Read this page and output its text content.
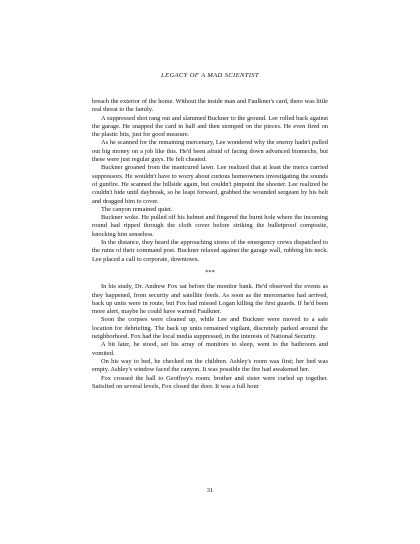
LEGACY OF A MAD SCIENTIST

breach the exterior of the home. Without the inside man and Faulkner's card, there was little real threat to the family.

A suppressed shot rang out and slammed Buckner to the ground. Lee rolled back against the garage. He snapped the card in half and then stomped on the pieces. He even fired on the plastic bits, just for good measure.

As he scanned for the remaining mercenary, Lee wondered why the enemy hadn't pulled out big money on a job like this. He'd been afraid of facing down advanced biomechs, but these were just regular guys. He felt cheated.

Buckner groaned from the manicured lawn. Lee realized that at least the mercs carried suppressors. He wouldn't have to worry about curious homeowners investigating the sounds of gunfire. He scanned the hillside again, but couldn't pinpoint the shooter. Lee realized he couldn't hide until daybreak, so he leapt forward, grabbed the wounded sergeant by his belt and dragged him to cover.

The canyon remained quiet.

Buckner woke. He pulled off his helmet and fingered the burnt hole where the incoming round had ripped through the cloth cover before striking the bulletproof composite, knocking him senseless.

In the distance, they heard the approaching sirens of the emergency crews dispatched to the ruins of their command post. Buckner relaxed against the garage wall, rubbing his neck. Lee placed a call to corporate, downtown.

***

In his study, Dr. Andrew Fox sat before the monitor bank. He'd observed the events as they happened, from security and satellite feeds. As soon as the mercenaries had arrived, back up units were in route, but Fox had missed Logan killing the first guards. If he'd been more alert, maybe he could have warned Faulkner.

Soon the corpses were cleaned up, while Lee and Buckner were moved to a safe location for debriefing. The back up units remained vigilant, discretely parked around the neighborhood. Fox had the local media suppressed, in the interests of National Security.

A bit later, he stood, set his array of monitors to sleep, went to the bathroom and vomited.

On his way to bed, he checked on the children. Ashley's room was first; her bed was empty. Ashley's window faced the canyon. It was possible the fire had awakened her.

Fox crossed the hall to Geoffrey's room; brother and sister were curled up together. Satisfied on several levels, Fox closed the door. It was a full hour

31
